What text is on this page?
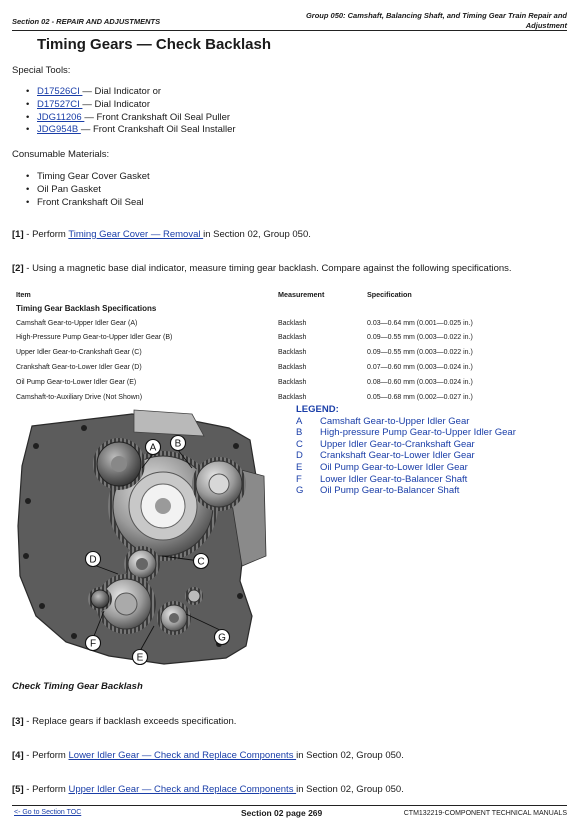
Section 02 - REPAIR AND ADJUSTMENTS
Group 050: Camshaft, Balancing Shaft, and Timing Gear Train Repair and
Adjustment
Timing Gears — Check Backlash
Special Tools:
• D17526CI — Dial Indicator or
• D17527CI — Dial Indicator
• JDG11206 — Front Crankshaft Oil Seal Puller
• JDG954B — Front Crankshaft Oil Seal Installer
Consumable Materials:
• Timing Gear Cover Gasket
• Oil Pan Gasket
• Front Crankshaft Oil Seal
[1] - Perform Timing Gear Cover — Removal in Section 02, Group 050.
[2] - Using a magnetic base dial indicator, measure timing gear backlash. Compare against the following specifications.
Item	Measurement	Specification
Timing Gear Backlash Specifications		
Camshaft Gear-to-Upper Idler Gear (A)	Backlash	0.03—0.64 mm (0.001—0.025 in.)
High-Pressure Pump Gear-to-Upper Idler Gear (B)	Backlash	0.09—0.55 mm (0.003—0.022 in.)
Upper Idler Gear-to-Crankshaft Gear (C)	Backlash	0.09—0.55 mm (0.003—0.022 in.)
Crankshaft Gear-to-Lower Idler Gear (D)	Backlash	0.07—0.60 mm (0.003—0.024 in.)
Oil Pump Gear-to-Lower Idler Gear (E)	Backlash	0.08—0.60 mm (0.003—0.024 in.)
Camshaft-to-Auxiliary Drive (Not Shown)	Backlash	0.05—0.68 mm (0.002—0.027 in.)
A B
C
D
E
F
G
LEGEND:
A Camshaft Gear-to-Upper Idler Gear
B High-pressure Pump Gear-to-Upper Idler Gear
C Upper Idler Gear-to-Crankshaft Gear
D Crankshaft Gear-to-Lower Idler Gear
E Oil Pump Gear-to-Lower Idler Gear
F Lower Idler Gear-to-Balancer Shaft
G Oil Pump Gear-to-Balancer Shaft
Check Timing Gear Backlash
[3] - Replace gears if backlash exceeds specification.
[4] - Perform Lower Idler Gear — Check and Replace Components in Section 02, Group 050.
[5] - Perform Upper Idler Gear — Check and Replace Components in Section 02, Group 050.
<- Go to Section TOC	Section 02 page 269	CTM132219-COMPONENT TECHNICAL MANUALS
